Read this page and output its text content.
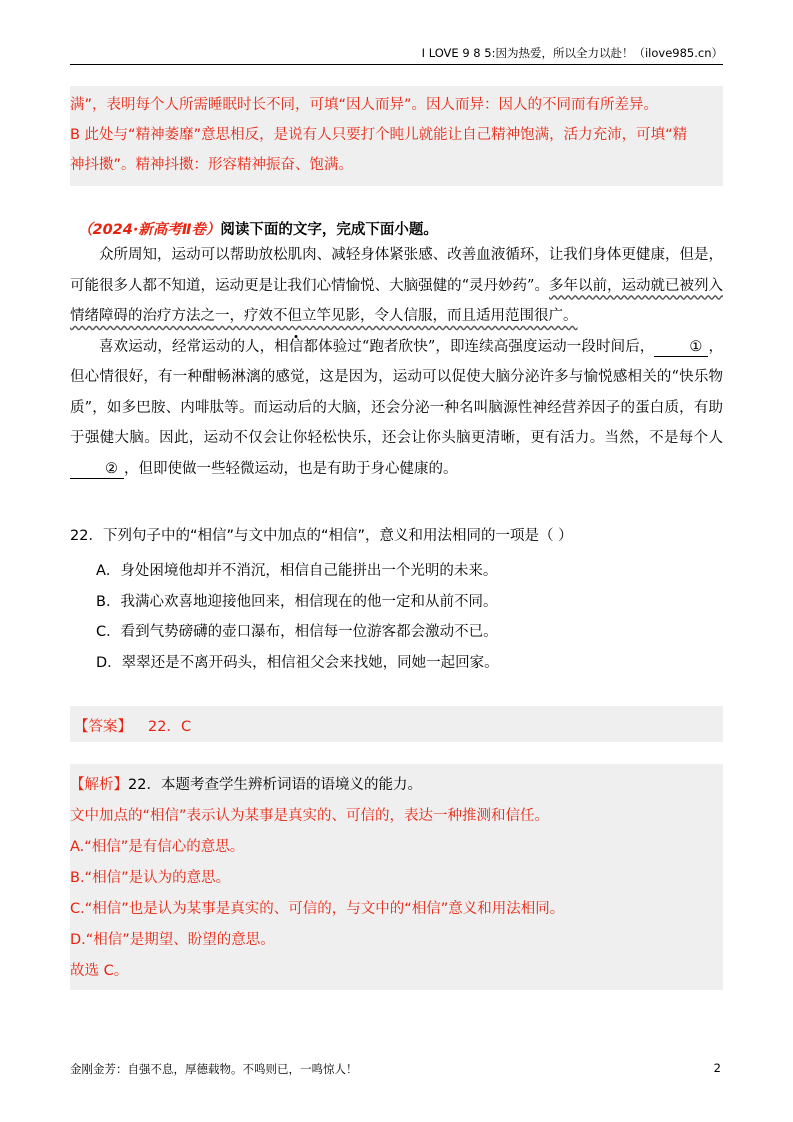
I LOVE 9 8 5:因为热爱，所以全力以赴！（ilove985.cn）

满”，表明每个人所需睡眠时长不同，可填“因人而异”。因人而异：因人的不同而有所差异。

B 此处与“精神萎靡”意思相反，是说有人只要打个盹儿就能让自己精神饱满，活力充沛，可填“精

神抖擞”。精神抖擞：形容精神振奋、饱满。

（2024·新高考Ⅱ卷）阅读下面的文字，完成下面小题。

众所周知，运动可以帮助放松肌肉、减轻身体紧张感、改善血液循环，让我们身体更健康，但是，可能很多人都不知道，运动更是让我们心情愉悦、大脑强健的“灵丹妙药”。多年以前，运动就已被列入情绪障碍的治疗方法之一，疗效不但立竿见影，令人信服，而且适用范围很广。

喜欢运动，经常运动的人，相信都体验过“跑者欣快”，即连续高强度运动一段时间后， ① ，但心情很好，有一种酣畅淋漓的感觉，这是因为，运动可以促使大脑分泌许多与愉悦感相关的“快乐物质”，如多巴胺、内啡肽等。而运动后的大脑，还会分泌一种名叫脑源性神经营养因子的蛋白质，有助于强健大脑。因此，运动不仅会让你轻松快乐，还会让你头脑更清晰，更有活力。当然，不是每个人② ，但即使做一些轻微运动，也是有助于身心健康的。

22．下列句子中的“相信”与文中加点的“相信”，意义和用法相同的一项是（ ）
A．身处困境他却并不消沉，相信自己能拼出一个光明的未来。
B．我满心欢喜地迎接他回来，相信现在的他一定和从前不同。
C．看到气势磅礴的壶口瀑布，相信每一位游客都会激动不已。
D．翠翠还是不离开码头，相信祖父会来找她，同她一起回家。
【答案】 22．C
【解析】22．本题考查学生辨析词语的语境义的能力。
文中加点的“相信”表示认为某事是真实的、可信的，表达一种推测和信任。
A.“相信”是有信心的意思。
B.“相信”是认为的意思。
C.“相信”也是认为某事是真实的、可信的，与文中的“相信”意义和用法相同。
D.“相信”是期望、盼望的意思。
故选 C。
金刚金芳：自强不息，厚德载物。不鸣则已，一鸣惊人！	2
